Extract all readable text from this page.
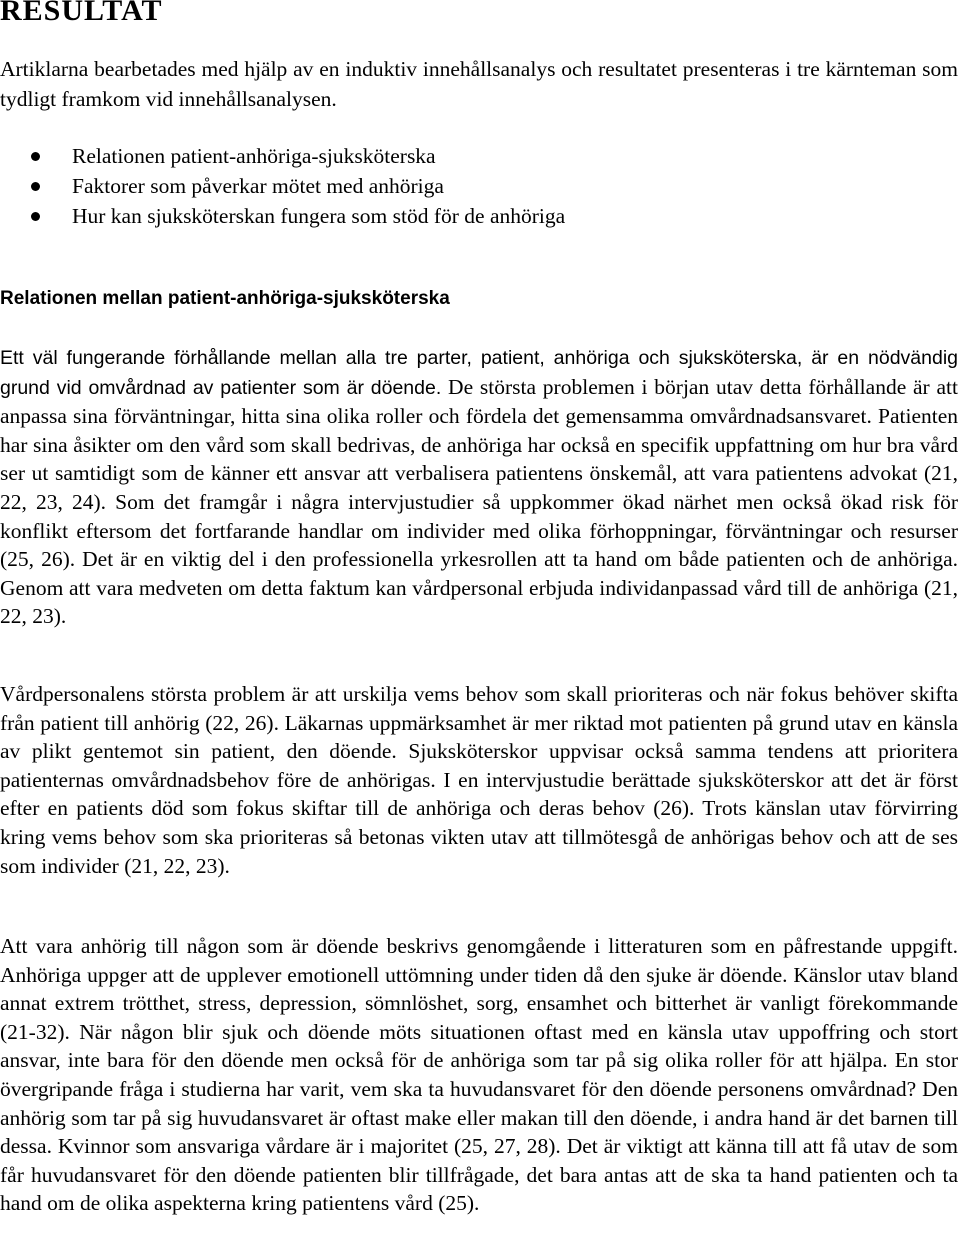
RESULTAT
Artiklarna bearbetades med hjälp av en induktiv innehållsanalys och resultatet presenteras i tre kärnteman som tydligt framkom vid innehållsanalysen.
Relationen patient-anhöriga-sjuksköterska
Faktorer som påverkar mötet med anhöriga
Hur kan sjuksköterskan fungera som stöd för de anhöriga
Relationen mellan patient-anhöriga-sjuksköterska

Ett väl fungerande förhållande mellan alla tre parter, patient, anhöriga och sjuksköterska, är en nödvändig grund vid omvårdnad av patienter som är döende. De största problemen i början utav detta förhållande är att anpassa sina förväntningar, hitta sina olika roller och fördela det gemensamma omvårdnadsansvaret. Patienten har sina åsikter om den vård som skall bedrivas, de anhöriga har också en specifik uppfattning om hur bra vård ser ut samtidigt som de känner ett ansvar att verbalisera patientens önskemål, att vara patientens advokat (21, 22, 23, 24). Som det framgår i några intervjustudier så uppkommer ökad närhet men också ökad risk för konflikt eftersom det fortfarande handlar om individer med olika förhoppningar, förväntningar och resurser (25, 26). Det är en viktig del i den professionella yrkesrollen att ta hand om både patienten och de anhöriga. Genom att vara medveten om detta faktum kan vårdpersonal erbjuda individanpassad vård till de anhöriga (21, 22, 23).

Vårdpersonalens största problem är att urskilja vems behov som skall prioriteras och när fokus behöver skifta från patient till anhörig (22, 26). Läkarnas uppmärksamhet är mer riktad mot patienten på grund utav en känsla av plikt gentemot sin patient, den döende. Sjuksköterskor uppvisar också samma tendens att prioritera patienternas omvårdnadsbehov före de anhörigas. I en intervjustudie berättade sjuksköterskor att det är först efter en patients död som fokus skiftar till de anhöriga och deras behov (26). Trots känslan utav förvirring kring vems behov som ska prioriteras så betonas vikten utav att tillmötesgå de anhörigas behov och att de ses som individer (21, 22, 23).

Att vara anhörig till någon som är döende beskrivs genomgående i litteraturen som en påfrestande uppgift. Anhöriga uppger att de upplever emotionell uttömning under tiden då den sjuke är döende. Känslor utav bland annat extrem trötthet, stress, depression, sömnlöshet, sorg, ensamhet och bitterhet är vanligt förekommande (21-32). När någon blir sjuk och döende möts situationen oftast med en känsla utav uppoffring och stort ansvar, inte bara för den döende men också för de anhöriga som tar på sig olika roller för att hjälpa. En stor övergripande fråga i studierna har varit, vem ska ta huvudansvaret för den döende personens omvårdnad? Den anhörig som tar på sig huvudansvaret är oftast make eller makan till den döende, i andra hand är det barnen till dessa. Kvinnor som ansvariga vårdare är i majoritet (25, 27, 28). Det är viktigt att känna till att få utav de som får huvudansvaret för den döende patienten blir tillfrågade, det bara antas att de ska ta hand patienten och ta hand om de olika aspekterna kring patientens vård (25).
